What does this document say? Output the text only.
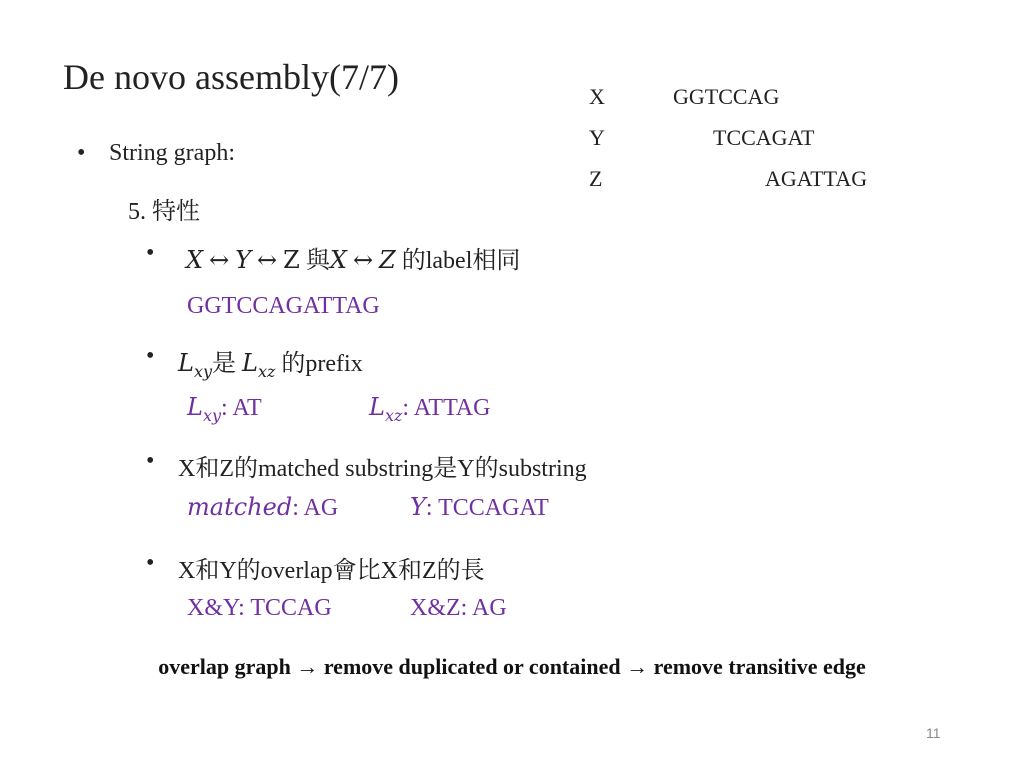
De novo assembly(7/7)	X	GGTCCAG
Y	TCCAGAT
Z	AGATTAG
• String graph:
5. 特性
• X ↔ Y ↔ Z 與X ↔ Z 的label相同
GGTCCAGATTAG
• $L_{xy}$是 $L_{xz}$ 的prefix
$L_{xy}$: AT	$L_{xz}$: ATTAG
• X和Z的matched substring是Y的substring
matched: AG	Y: TCCAGAT
• X和Y的overlap會比X和Z的長
X&Y: TCCAG	X&Z: AG
overlap graph → remove duplicated or contained → remove transitive edge
11
